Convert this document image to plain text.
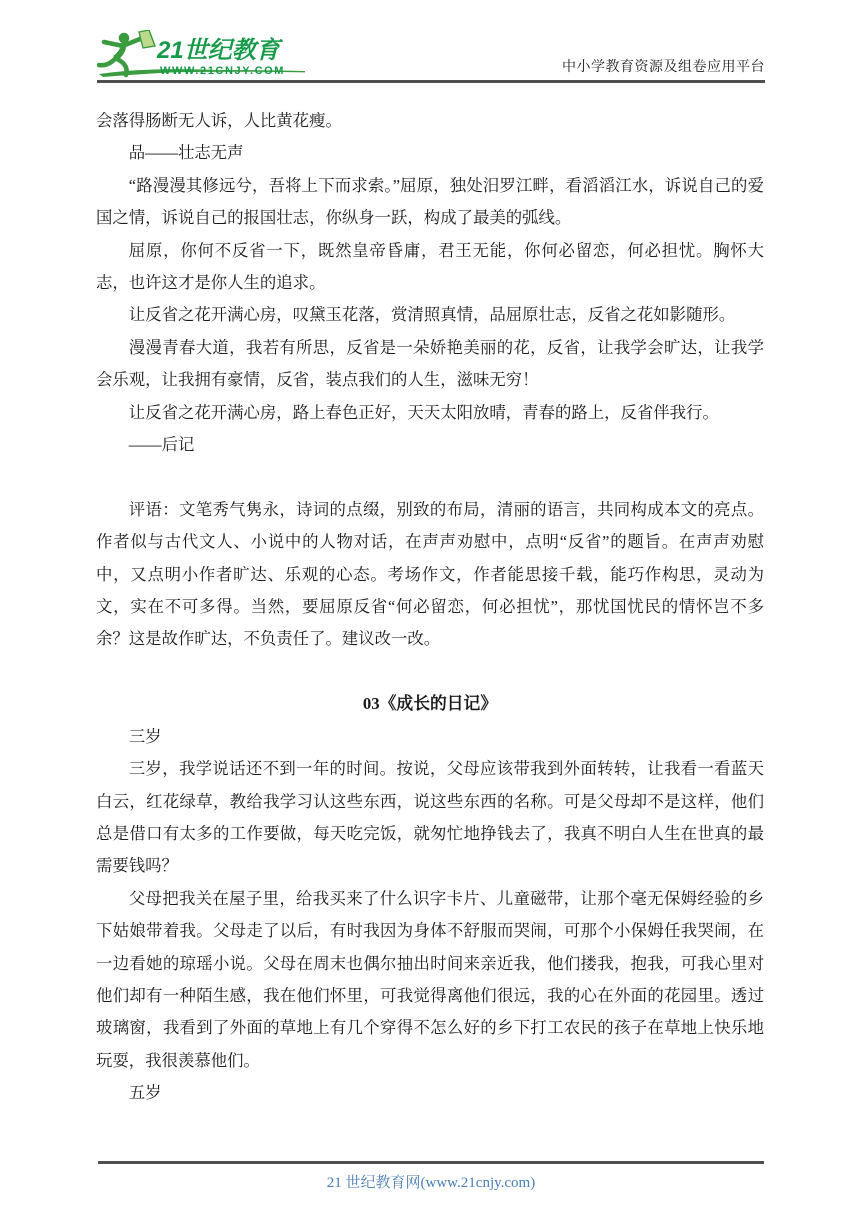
21世纪教育
WWW.21CNJY.COM	中小学教育资源及组卷应用平台

会落得肠断无人诉，人比黄花瘦。

品——壮志无声

“路漫漫其修远兮，吾将上下而求索。”屈原，独处汨罗江畔，看滔滔江水，诉说自己的爱国之情，诉说自己的报国壮志，你纵身一跃，构成了最美的弧线。

屈原，你何不反省一下，既然皇帝昏庸，君王无能，你何必留恋，何必担忧。胸怀大志，也许这才是你人生的追求。

让反省之花开满心房，叹黛玉花落，赏清照真情，品屈原壮志，反省之花如影随形。

漫漫青春大道，我若有所思，反省是一朵娇艳美丽的花，反省，让我学会旷达，让我学会乐观，让我拥有豪情，反省，装点我们的人生，滋味无穷！

让反省之花开满心房，路上春色正好，天天太阳放晴，青春的路上，反省伴我行。

——后记

评语：文笔秀气隽永，诗词的点缀，别致的布局，清丽的语言，共同构成本文的亮点。作者似与古代文人、小说中的人物对话，在声声劝慰中，点明“反省”的题旨。在声声劝慰中，又点明小作者旷达、乐观的心态。考场作文，作者能思接千载，能巧作构思，灵动为文，实在不可多得。当然，要屈原反省“何必留恋，何必担忧”，那忧国忧民的情怀岂不多余？这是故作旷达，不负责任了。建议改一改。

03《成长的日记》

三岁

三岁，我学说话还不到一年的时间。按说，父母应该带我到外面转转，让我看一看蓝天白云，红花绿草，教给我学习认这些东西，说这些东西的名称。可是父母却不是这样，他们总是借口有太多的工作要做，每天吃完饭，就匆忙地挣钱去了，我真不明白人生在世真的最需要钱吗？

父母把我关在屋子里，给我买来了什么识字卡片、儿童磁带，让那个毫无保姆经验的乡下姑娘带着我。父母走了以后，有时我因为身体不舒服而哭闹，可那个小保姆任我哭闹，在一边看她的琼瑶小说。父母在周末也偶尔抽出时间来亲近我，他们搂我，抱我，可我心里对他们却有一种陌生感，我在他们怀里，可我觉得离他们很远，我的心在外面的花园里。透过玻璃窗，我看到了外面的草地上有几个穿得不怎么好的乡下打工农民的孩子在草地上快乐地玩耍，我很羡慕他们。

五岁

21 世纪教育网(www.21cnjy.com)
